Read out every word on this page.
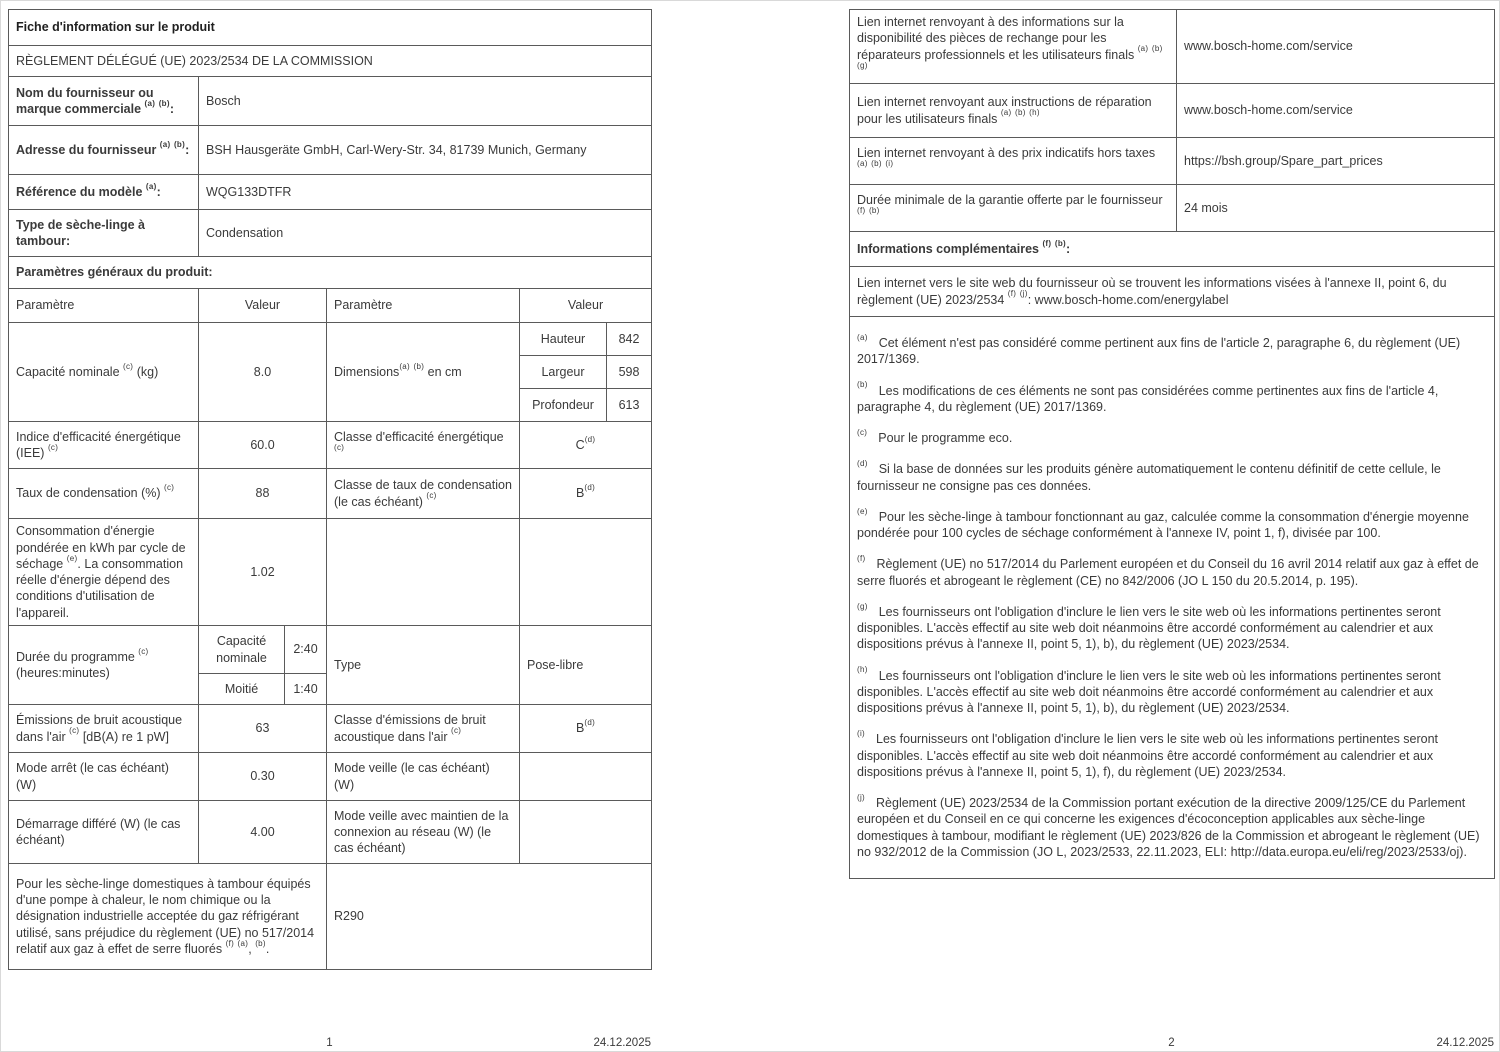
Fiche d'information sur le produit					
RÈGLEMENT DÉLÉGUÉ (UE) 2023/2534 DE LA COMMISSION					
Nom du fournisseur ou marque commerciale $^{(a)}$ $^{(b)}$:	Bosch				
Adresse du fournisseur $^{(a)}$ $^{(b)}$:	BSH Hausgeräte GmbH, Carl-Wery-Str. 34, 81739 Munich, Germany				
Référence du modèle $^{(a)}$:	WQG133DTFR				
Type de sèche-linge à tambour:	Condensation				
Paramètres généraux du produit:					
Paramètre	Valeur		Paramètre	Valeur	
Capacité nominale $^{(c)}$ (kg)	8.0		Dimensions$^{(a)}$ $^{(b)}$ en cm	Hauteur	842
				Largeur	598
				Profondeur	613
Indice d'efficacité énergétique (IEE) $^{(c)}$	60.0		Classe d'efficacité énergétique $^{(c)}$	$C^{(d)}$
Taux de condensation (%) $^{(c)}$	88		Classe de taux de condensation (le cas échéant) $^{(c)}$	$B^{(d)}$
Consommation d'énergie pondérée en kWh par cycle de séchage $^{(e)}$. La consommation réelle d'énergie dépend des conditions d'utilisation de l'appareil.	1.02				
Durée du programme $^{(c)}$ (heures:minutes)	Capacité nominale	2:40	Type	Pose-libre	
	Moitié	1:40			
Émissions de bruit acoustique dans l'air $^{(c)}$ [dB(A) re 1 pW]	63		Classe d'émissions de bruit acoustique dans l'air $^{(c)}$	$B^{(d)}$
Mode arrêt (le cas échéant) (W)	0.30		Mode veille (le cas échéant) (W)		
Démarrage différé (W) (le cas échéant)	4.00		Mode veille avec maintien de la connexion au réseau (W) (le cas échéant)		
Pour les sèche-linge domestiques à tambour équipés d'une pompe à chaleur, le nom chimique ou la désignation industrielle acceptée du gaz réfrigérant utilisé, sans préjudice du règlement (UE) no 517/2014 relatif aux gaz à effet de serre fluorés $^{(f)}$ $^{(a)}$, $^{(b)}$.			R290		
1	24.12.2025
Lien internet renvoyant à des informations sur la disponibilité des pièces de rechange pour les réparateurs professionnels et les utilisateurs finals $^{(a)}$ $^{(b)}$ $^{(g)}$	www.bosch-home.com/service
Lien internet renvoyant aux instructions de réparation pour les utilisateurs finals $^{(a)}$ $^{(b)}$ $^{(h)}$	www.bosch-home.com/service
Lien internet renvoyant à des prix indicatifs hors taxes $^{(a)}$ $^{(b)}$ $^{(i)}$	https://bsh.group/Spare_part_prices
Durée minimale de la garantie offerte par le fournisseur $^{(f)}$ $^{(b)}$	24 mois
Informations complémentaires $^{(f)}$ $^{(b)}$:	
Lien internet vers le site web du fournisseur où se trouvent les informations visées à l'annexe II, point 6, du règlement (UE) 2023/2534 $^{(f)}$ $^{(j)}$: www.bosch-home.com/energylabel	

$^{(a)}$ Cet élément n'est pas considéré comme pertinent aux fins de l'article 2, paragraphe 6, du règlement (UE) 2017/1369.

$^{(b)}$ Les modifications de ces éléments ne sont pas considérées comme pertinentes aux fins de l'article 4, paragraphe 4, du règlement (UE) 2017/1369.

$^{(c)}$ Pour le programme eco.

$^{(d)}$ Si la base de données sur les produits génère automatiquement le contenu définitif de cette cellule, le fournisseur ne consigne pas ces données.

$^{(e)}$ Pour les sèche-linge à tambour fonctionnant au gaz, calculée comme la consommation d'énergie moyenne pondérée pour 100 cycles de séchage conformément à l'annexe IV, point 1, f), divisée par 100.

$^{(f)}$ Règlement (UE) no 517/2014 du Parlement européen et du Conseil du 16 avril 2014 relatif aux gaz à effet de serre fluorés et abrogeant le règlement (CE) no 842/2006 (JO L 150 du 20.5.2014, p. 195).

$^{(g)}$ Les fournisseurs ont l'obligation d'inclure le lien vers le site web où les informations pertinentes seront disponibles. L'accès effectif au site web doit néanmoins être accordé conformément au calendrier et aux dispositions prévus à l'annexe II, point 5, 1), b), du règlement (UE) 2023/2534.

$^{(h)}$ Les fournisseurs ont l'obligation d'inclure le lien vers le site web où les informations pertinentes seront disponibles. L'accès effectif au site web doit néanmoins être accordé conformément au calendrier et aux dispositions prévus à l'annexe II, point 5, 1), b), du règlement (UE) 2023/2534.

$^{(i)}$ Les fournisseurs ont l'obligation d'inclure le lien vers le site web où les informations pertinentes seront disponibles. L'accès effectif au site web doit néanmoins être accordé conformément au calendrier et aux dispositions prévus à l'annexe II, point 5, 1), f), du règlement (UE) 2023/2534.

$^{(j)}$ Règlement (UE) 2023/2534 de la Commission portant exécution de la directive 2009/125/CE du Parlement européen et du Conseil en ce qui concerne les exigences d'écoconception applicables aux sèche-linge domestiques à tambour, modifiant le règlement (UE) 2023/826 de la Commission et abrogeant le règlement (UE) no 932/2012 de la Commission (JO L, 2023/2533, 22.11.2023, ELI: http://data.europa.eu/eli/reg/2023/2533/oj).

2	24.12.2025
